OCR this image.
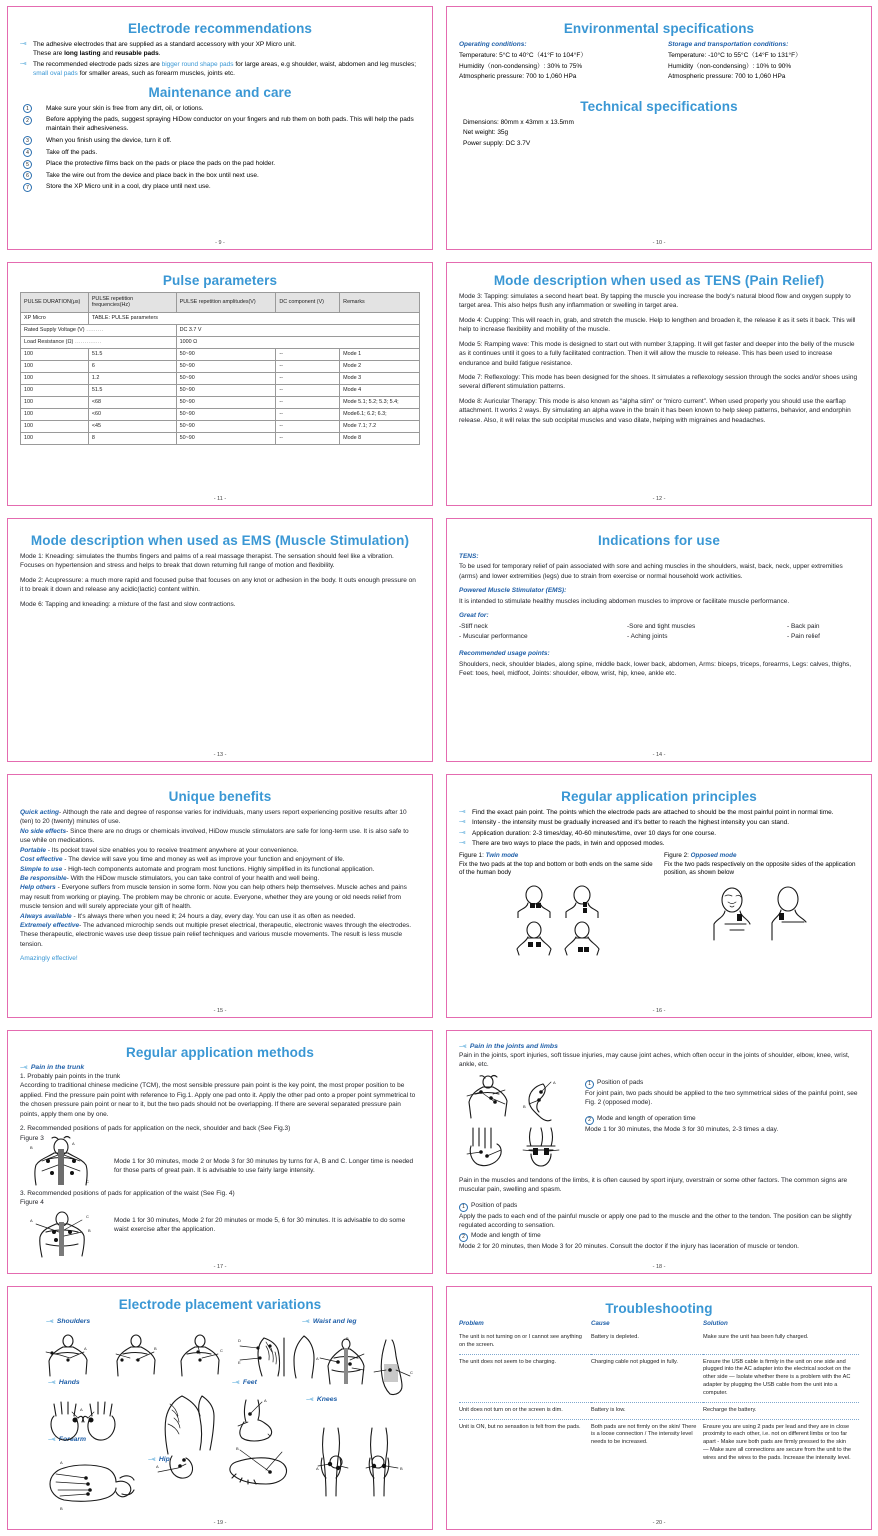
Electrode recommendations
--⫷ The adhesive electrodes that are supplied as a standard accessory with your XP Micro unit.
These are long lasting and reusable pads.
--⫷ The recommended electrode pads sizes are bigger round shape pads for large areas, e.g shoulder, waist, abdomen and leg muscles; small oval pads for smaller areas, such as forearm muscles, joints etc.
Maintenance and care
1	Make sure your skin is free from any dirt, oil, or lotions.
2	Before applying the pads, suggest spraying HiDow conductor on your fingers and rub them on both pads. This will help the pads maintain their adhesiveness.
3	When you finish using the device, turn it off.
4	Take off the pads.
5	Place the protective films back on the pads or place the pads on the pad holder.
6	Take the wire out from the device and place back in the box until next use.
7	Store the XP Micro unit in a cool, dry place until next use.
- 9 -
Environmental specifications
Operating conditions:
Temperature: 5°C to 40°C（41°F to 104°F）
Humidity（non-condensing）: 30% to 75%
Atmospheric pressure: 700 to 1,060 HPa
Storage and transportation conditions:
Temperature: -10°C to 55°C（14°F to 131°F）
Humidity（non-condensing）: 10% to 90%
Atmospheric pressure: 700 to 1,060 HPa
Technical specifications
Dimensions: 80mm x 43mm x 13.5mm
Net weight: 35g
Power supply: DC 3.7V
- 10 -
Pulse parameters
XP Micro	TABLE: PULSE parameters			
Rated Supply Voltage (V) .........		DC 3.7 V		
Load Resistance (Ω) ..............		1000 Ω		
PULSE DURATION(μs)	PULSE repetition frequencies(Hz)	PULSE repetition amplitudes(V)	DC component (V)	Remarks
100	51.5	50~90	--	Mode 1
100	6	50~90	--	Mode 2
100	1.2	50~90	--	Mode 3
100	51.5	50~90	--	Mode 4
100	<68	50~90	--	Mode 5.1; 5.2; 5.3; 5.4;
100	<60	50~90	--	Mode6.1; 6.2; 6.3;
100	<45	50~90	--	Mode 7.1; 7.2
100	8	50~90	--	Mode 8
- 11 -
Mode description when used as TENS (Pain Relief)

Mode 3: Tapping: simulates a second heart beat. By tapping the muscle you increase the body's natural blood flow and oxygen supply to target area. This also helps flush any inflammation or swelling in target area.

Mode 4: Cupping: This will reach in, grab, and stretch the muscle. Help to lengthen and broaden it, the release it as it sets it back. This will help to increase flexibility and mobility of the muscle.

Mode 5: Ramping wave: This mode is designed to start out with number 3,tapping. It will get faster and deeper into the belly of the muscle as it continues until it goes to a fully facilitated contraction. Then it will allow the muscle to release. This has been used to increase endurance and build fatigue resistance.

Mode 7: Reflexology: This mode has been designed for the shoes. It simulates a reflexology session through the socks and/or shoes using several different stimulation patterns.

Mode 8: Auricular Therapy: This mode is also known as “alpha stim” or “micro current”. When used properly you should use the earflap attachment. It works 2 ways. By simulating an alpha wave in the brain it has been known to help sleep patterns, behavior, and endorphin release. Also, it will relax the sub occipital muscles and vaso dilate, helping with migraines and headaches.

- 12 -
Mode description when used as EMS (Muscle Stimulation)

Mode 1: Kneading: simulates the thumbs fingers and palms of a real massage therapist. The sensation should feel like a vibration. Focuses on hypertension and stress and helps to break that down returning full range of motion and flexibility.

Mode 2: Acupressure: a much more rapid and focused pulse that focuses on any knot or adhesion in the body. It outs enough pressure on it to break it down and release any acidic(lactic) content within.

Mode 6: Tapping and kneading: a mixture of the fast and slow contractions.

- 13 -
Indications for use
TENS:

To be used for temporary relief of pain associated with sore and aching muscles in the shoulders, waist, back, neck, upper extremities (arms) and lower extremities (legs) due to strain from exercise or normal household work activities.

Powered Muscle Stimulator (EMS):

It is intended to stimulate healthy muscles including abdomen muscles to improve or facilitate muscle performance.

Great for:
-Stiff neck
- Muscular performance
-Sore and tight muscles
- Aching joints
- Back pain
- Pain relief
Recommended usage points:

Shoulders, neck, shoulder blades, along spine, middle back, lower back, abdomen, Arms: biceps, triceps, forearms, Legs: calves, thighs, Feet: toes, heel, midfoot, Joints: shoulder, elbow, wrist, hip, knee, ankle etc.

- 14 -
Unique benefits

Quick acting- Although the rate and degree of response varies for individuals, many users report experiencing positive results after 10 (ten) to 20 (twenty) minutes of use.

No side effects- Since there are no drugs or chemicals involved, HiDow muscle stimulators are safe for long-term use. It is also safe to use while on medications.

Portable - Its pocket travel size enables you to receive treatment anywhere at your convenience.

Cost effective - The device will save you time and money as well as improve your function and enjoyment of life.

Simple to use - High-tech components automate and program most functions. Highly simplified in its functional application.

Be responsible- With the HiDow muscle stimulators, you can take control of your health and well being.

Help others - Everyone suffers from muscle tension in some form. Now you can help others help themselves. Muscle aches and pains may result from working or playing. The problem may be chronic or acute. Everyone, whether they are young or old needs relief from muscle tension and will surely appreciate your gift of health.

Always available - It's always there when you need it; 24 hours a day, every day. You can use it as often as needed.

Extremely effective- The advanced microchip sends out multiple preset electrical, therapeutic, electronic waves through the electrodes. These therapeutic, electronic waves use deep tissue pain relief techniques and various muscle movements. The result is less muscle tension.

Amazingly effective!

- 15 -
Regular application principles
--⫷ Find the exact pain point. The points which the electrode pads are attached to should be the most painful point in normal time.
--⫷ Intensity - the intensity must be gradually increased and it's better to reach the highest intensity you can stand.
--⫷ Application duration: 2-3 times/day, 40-60 minutes/time, over 10 days for one course.
--⫷ There are two ways to place the pads, in twin and opposed modes.
Figure 1: Twin mode
Fix the two pads at the top and bottom or both ends on the same side of the human body
Figure 2: Opposed mode
Fix the two pads respectively on the opposite sides of the application position, as shown below
- 16 -
Regular application methods
--⫷ Pain in the trunk

1. Probably pain points in the trunk

According to traditional chinese medicine (TCM), the most sensible pressure pain point is the key point, the most proper position to be applied. Find the pressure pain point with reference to Fig.1. Apply one pad onto it. Apply the other pad onto a proper point symmetrical to the chosen pressure pain point or near to it, but the two pads should not be overlapping. If there are several separated pressure pain points, apply them one by one.

2. Recommended positions of pads for application on the neck, shoulder and back (See Fig.3)

Figure 3

B
A
C
Mode 1 for 30 minutes, mode 2 or Mode 3 for 30 minutes by turns for A, B and C. Longer time is needed for those parts of great pain. It is advisable to use fairly large intensity.

3. Recommended positions of pads for application of the waist (See Fig. 4)

Figure 4

A
C
B
Mode 1 for 30 minutes, Mode 2 for 20 minutes or mode 5, 6 for 30 minutes. It is advisable to do some waist exercise after the application.
- 17 -
--⫷ Pain in the joints and limbs

Pain in the joints, sport injuries, soft tissue injuries, may cause joint aches, which often occur in the joints of shoulder, elbow, knee, wrist, ankle, etc.

A
B
1 Position of pads
For joint pain, two pads should be applied to the two symmetrical sides of the painful point, see Fig. 2 (opposed mode).
2 Mode and length of operation time
Mode 1 for 30 minutes, the Mode 3 for 30 minutes, 2-3 times a day.

Pain in the muscles and tendons of the limbs, it is often caused by sport injury, overstrain or some other factors. The common signs are muscular pain, swelling and spasm.

1 Position of pads
Apply the pads to each end of the painful muscle or apply one pad to the muscle and the other to the tendon. The position can be slightly regulated according to sensation.
2 Mode and length of time
Mode 2 for 20 minutes, then Mode 3 for 20 minutes. Consult the doctor if the injury has laceration of muscle or tendon.
- 18 -
Electrode placement variations
--⫷ Shoulders	--⫷ Waist and leg
--⫷ Hands	--⫷ Feet
--⫷ Knees
--⫷ Forearm
--⫷ Hip
A	B	C
D
E
A
B
C
A
A
A
B
A	B
A
B
- 19 -
Troubleshooting
Problem	Cause	Solution
The unit is not turning on or I cannot see anything on the screen.	Battery is depleted.	Make sure the unit has been fully charged.
The unit does not seem to be charging.	Charging cable not plugged in fully.	Ensure the USB cable is firmly in the unit on one side and plugged into the AC adapter into the electrical socket on the other side — Isolate whether there is a problem with the AC adapter by plugging the USB cable from the unit into a computer.
Unit does not turn on or the screen is dim.	Battery is low.	Recharge the battery.
Unit is ON, but no sensation is felt from the pads.	Both pads are not firmly on the skin/ There is a loose connection / The intensity level needs to be increased.	Ensure you are using 2 pads per lead and they are in close proximity to each other, i.e. not on different limbs or too far apart - Make sure both pads are firmly pressed to the skin — Make sure all connections are secure from the unit to the wires and the wires to the pads. Increase the intensity level.
- 20 -
